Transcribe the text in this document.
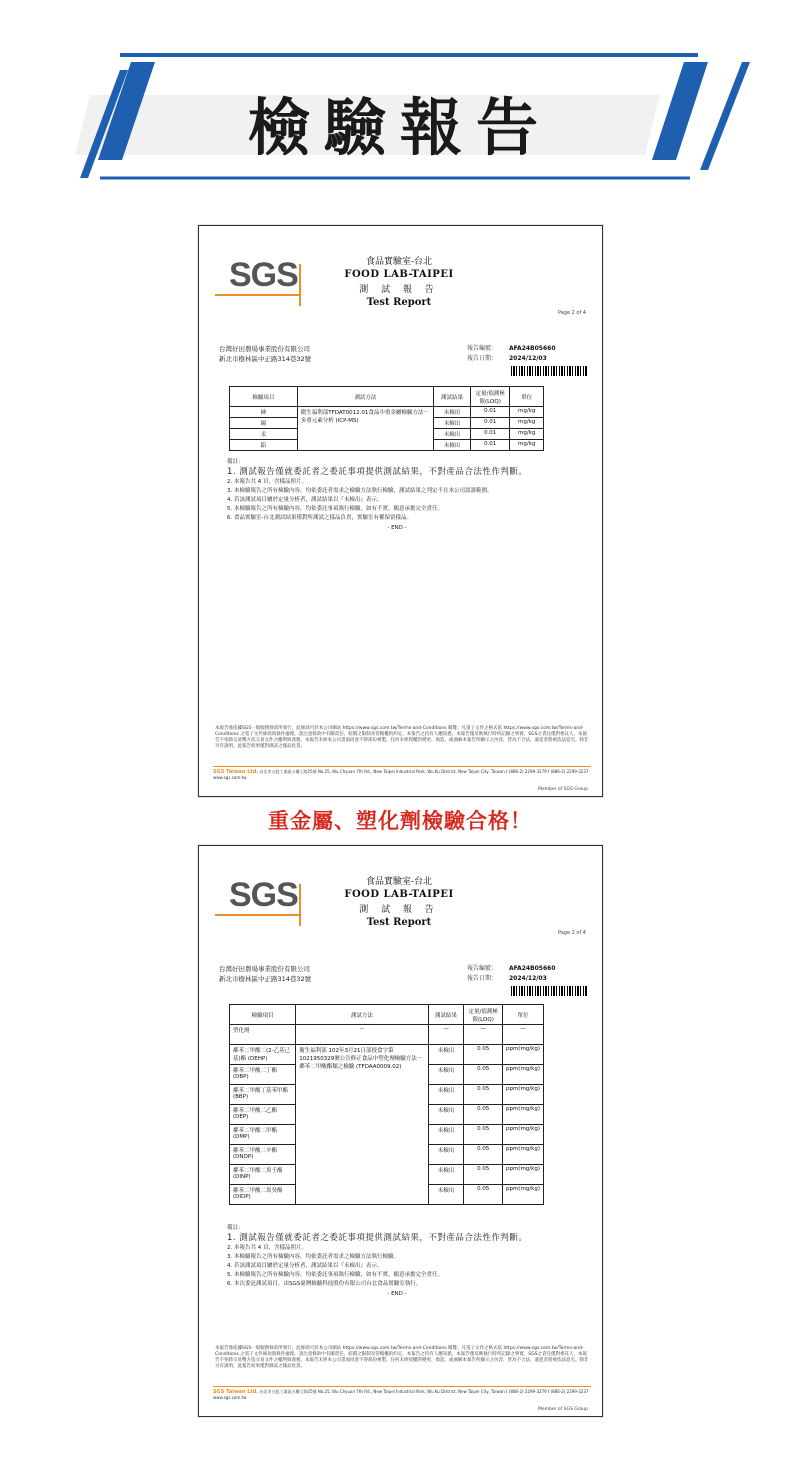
檢驗報告
SGS	食品實驗室-台北
FOOD LAB-TAIPEI
測 試 報 告
Test Report
Page 2 of 4
台灣好田農場事業股份有限公司
新北市樹林區中正路314巷32號
報告編號： AFA24B05660
報告日期： 2024/12/03
檢驗項目	測試方法	測試結果	定量/偵測極限(LOQ)	單位
砷	衛生福利部TFDAT0012.01食品中重金屬檢驗方法－多重元素分析 (ICP-MS)	未檢出	0.01	mg/kg
鎘		未檢出	0.01	mg/kg
汞		未檢出	0.01	mg/kg
鉛		未檢出	0.01	mg/kg
備註：
1. 測試報告僅就委託者之委託事項提供測試結果，不對產品合法性作判斷。
2. 本報告共 4 頁，含樣品照片。
3. 本檢驗報告之所有檢驗內容，均依委託者需求之檢驗方法執行檢驗，測試結果之判定不在本公司認證範圍。
4. 若該測試項目屬於定量分析者，測試結果以『未檢出』表示。
5. 本檢驗報告之所有檢驗內容，均依委託事項執行檢驗，如有不實，願意承擔完全責任。
6. 食品實驗室-台北測試結果僅對所測試之樣品負責，實驗室有權保留樣品。
- END -
本報告係依據SGS一般服務條款所發行，此條款可於本公司網站 https://www.sgs.com.tw/Terms-and-Conditions 閱覽；凡電子文件之格式依 https://www.sgs.com.tw/Terms-and-Conditions 之電子文件條款與條件處理。請注意條款中有關責任、賠償之限制及管轄權的約定。本報告之持有人應知悉，本報告僅反映執行時所記錄之事實，SGS之責任僅對委託人，本報告不免除交易雙方依交易文件之權利與義務。本報告未經本公司書面同意不得部份複製。任何未經授權的變更、偽造、或曲解本報告所顯示之內容，皆為不合法，違犯者將被依法追究。除非另有說明，此報告結果僅對測試之樣品負責。
SGS Taiwan Ltd. 台北市五股工業區五權七路25號 No.25, Wu Chyuan 7th Rd., New Taipei Industrial Park, Wu Ku District, New Taipei City, Taiwan t (886-2) 2299-3279 f (886-2) 2299-3237 www.sgs.com.tw
Member of SGS Group
重金屬、塑化劑檢驗合格！
SGS	食品實驗室-台北
FOOD LAB-TAIPEI
測 試 報 告
Test Report
Page 2 of 4
台灣好田農場事業股份有限公司
新北市樹林區中正路314巷32號
報告編號： AFA24B05660
報告日期： 2024/12/03
檢驗項目	測試方法	測試結果	定量/偵測極限(LOQ)	單位
塑化劑	--	—	—	—
鄰苯二甲酸二(2-乙基己基)酯 (DEHP)	衛生福利部 102年3月21日部授食字第1021950329號公告修正食品中塑化劑檢驗方法－鄰苯二甲酸酯類之檢驗 (TFDAA0009.02)	未檢出	0.05	ppm(mg/kg)
鄰苯二甲酸二丁酯 (DBP)		未檢出	0.05	ppm(mg/kg)
鄰苯二甲酸丁基苯甲酯 (BBP)		未檢出	0.05	ppm(mg/kg)
鄰苯二甲酸二乙酯 (DEP)		未檢出	0.05	ppm(mg/kg)
鄰苯二甲酸二甲酯 (DMP)		未檢出	0.05	ppm(mg/kg)
鄰苯二甲酸二辛酯 (DNOP)		未檢出	0.05	ppm(mg/kg)
鄰苯二甲酸二異壬酯 (DINP)		未檢出	0.05	ppm(mg/kg)
鄰苯二甲酸二異癸酯 (DIDP)		未檢出	0.05	ppm(mg/kg)
備註：
1. 測試報告僅就委託者之委託事項提供測試結果，不對產品合法性作判斷。
2. 本報告共 4 頁，含樣品照片。
3. 本檢驗報告之所有檢驗內容，均依委託者需求之檢驗方法執行檢驗。
4. 若該測試項目屬於定量分析者，測試結果以『未檢出』表示。
5. 本檢驗報告之所有檢驗內容，均依委託事項執行檢驗，如有不實，願意承擔完全責任。
6. 本次委託測試項目，由SGS臺灣檢驗科技股份有限公司台北食品實驗室執行。
- END -
本報告係依據SGS一般服務條款所發行，此條款可於本公司網站 https://www.sgs.com.tw/Terms-and-Conditions 閱覽；凡電子文件之格式依 https://www.sgs.com.tw/Terms-and-Conditions 之電子文件條款與條件處理。請注意條款中有關責任、賠償之限制及管轄權的約定。本報告之持有人應知悉，本報告僅反映執行時所記錄之事實，SGS之責任僅對委託人，本報告不免除交易雙方依交易文件之權利與義務。本報告未經本公司書面同意不得部份複製。任何未經授權的變更、偽造、或曲解本報告所顯示之內容，皆為不合法，違犯者將被依法追究。除非另有說明，此報告結果僅對測試之樣品負責。
SGS Taiwan Ltd. 台北市五股工業區五權七路25號 No.25, Wu Chyuan 7th Rd., New Taipei Industrial Park, Wu Ku District, New Taipei City, Taiwan t (886-2) 2299-3279 f (886-2) 2299-3237 www.sgs.com.tw
Member of SGS Group
